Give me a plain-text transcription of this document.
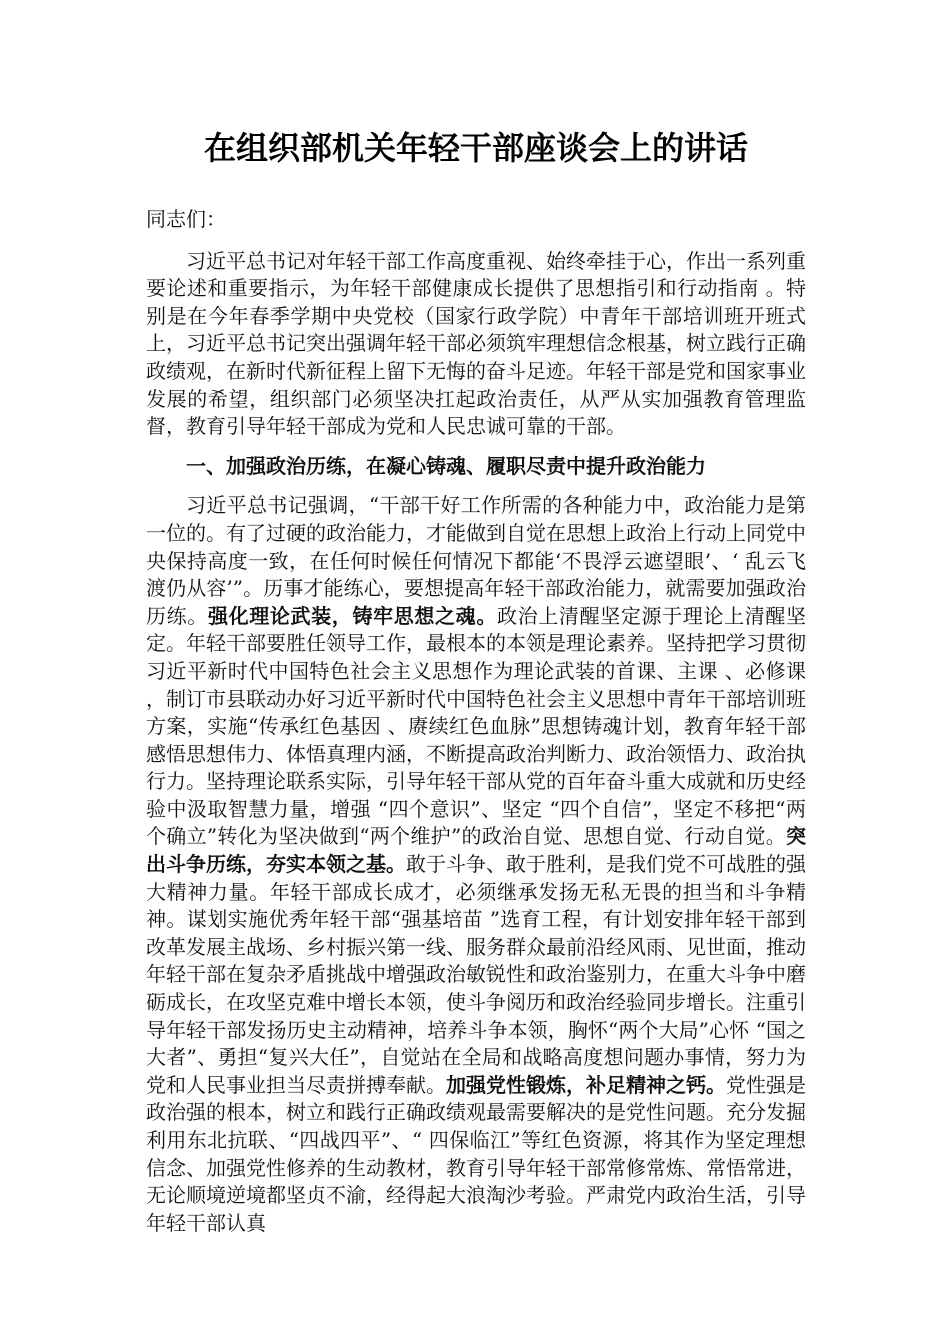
在组织部机关年轻干部座谈会上的讲话

同志们：

习近平总书记对年轻干部工作高度重视、始终牵挂于心，作出一系列重要论述和重要指示，为年轻干部健康成长提供了思想指引和行动指南 。特别是在今年春季学期中央党校（国家行政学院）中青年干部培训班开班式上，习近平总书记突出强调年轻干部必须筑牢理想信念根基，树立践行正确政绩观，在新时代新征程上留下无悔的奋斗足迹。年轻干部是党和国家事业发展的希望，组织部门必须坚决扛起政治责任，从严从实加强教育管理监督，教育引导年轻干部成为党和人民忠诚可靠的干部。

一、加强政治历练，在凝心铸魂、履职尽责中提升政治能力

习近平总书记强调，“干部干好工作所需的各种能力中，政治能力是第一位的。有了过硬的政治能力，才能做到自觉在思想上政治上行动上同党中央保持高度一致，在任何时候任何情况下都能‘不畏浮云遮望眼’、‘ 乱云飞渡仍从容’”。历事才能练心，要想提高年轻干部政治能力，就需要加强政治历练。强化理论武装，铸牢思想之魂。政治上清醒坚定源于理论上清醒坚定。年轻干部要胜任领导工作，最根本的本领是理论素养。坚持把学习贯彻习近平新时代中国特色社会主义思想作为理论武装的首课、主课 、必修课 ，制订市县联动办好习近平新时代中国特色社会主义思想中青年干部培训班方案，实施“传承红色基因 、赓续红色血脉”思想铸魂计划，教育年轻干部感悟思想伟力、体悟真理内涵，不断提高政治判断力、政治领悟力、政治执行力。坚持理论联系实际，引导年轻干部从党的百年奋斗重大成就和历史经验中汲取智慧力量，增强 “四个意识”、坚定 “四个自信”，坚定不移把“两个确立”转化为坚决做到“两个维护”的政治自觉、思想自觉、行动自觉。突出斗争历练，夯实本领之基。敢于斗争、敢于胜利，是我们党不可战胜的强大精神力量。年轻干部成长成才，必须继承发扬无私无畏的担当和斗争精神。谋划实施优秀年轻干部“强基培苗 ”选育工程，有计划安排年轻干部到改革发展主战场、乡村振兴第一线、服务群众最前沿经风雨、见世面，推动年轻干部在复杂矛盾挑战中增强政治敏锐性和政治鉴别力，在重大斗争中磨砺成长，在攻坚克难中增长本领，使斗争阅历和政治经验同步增长。注重引导年轻干部发扬历史主动精神，培养斗争本领，胸怀“两个大局”心怀 “国之大者”、勇担“复兴大任”，自觉站在全局和战略高度想问题办事情，努力为党和人民事业担当尽责拼搏奉献。加强党性锻炼，补足精神之钙。党性强是政治强的根本，树立和践行正确政绩观最需要解决的是党性问题。充分发掘利用东北抗联、“四战四平”、“ 四保临江”等红色资源，将其作为坚定理想信念、加强党性修养的生动教材，教育引导年轻干部常修常炼、常悟常进，无论顺境逆境都坚贞不渝，经得起大浪淘沙考验。严肃党内政治生活，引导年轻干部认真
